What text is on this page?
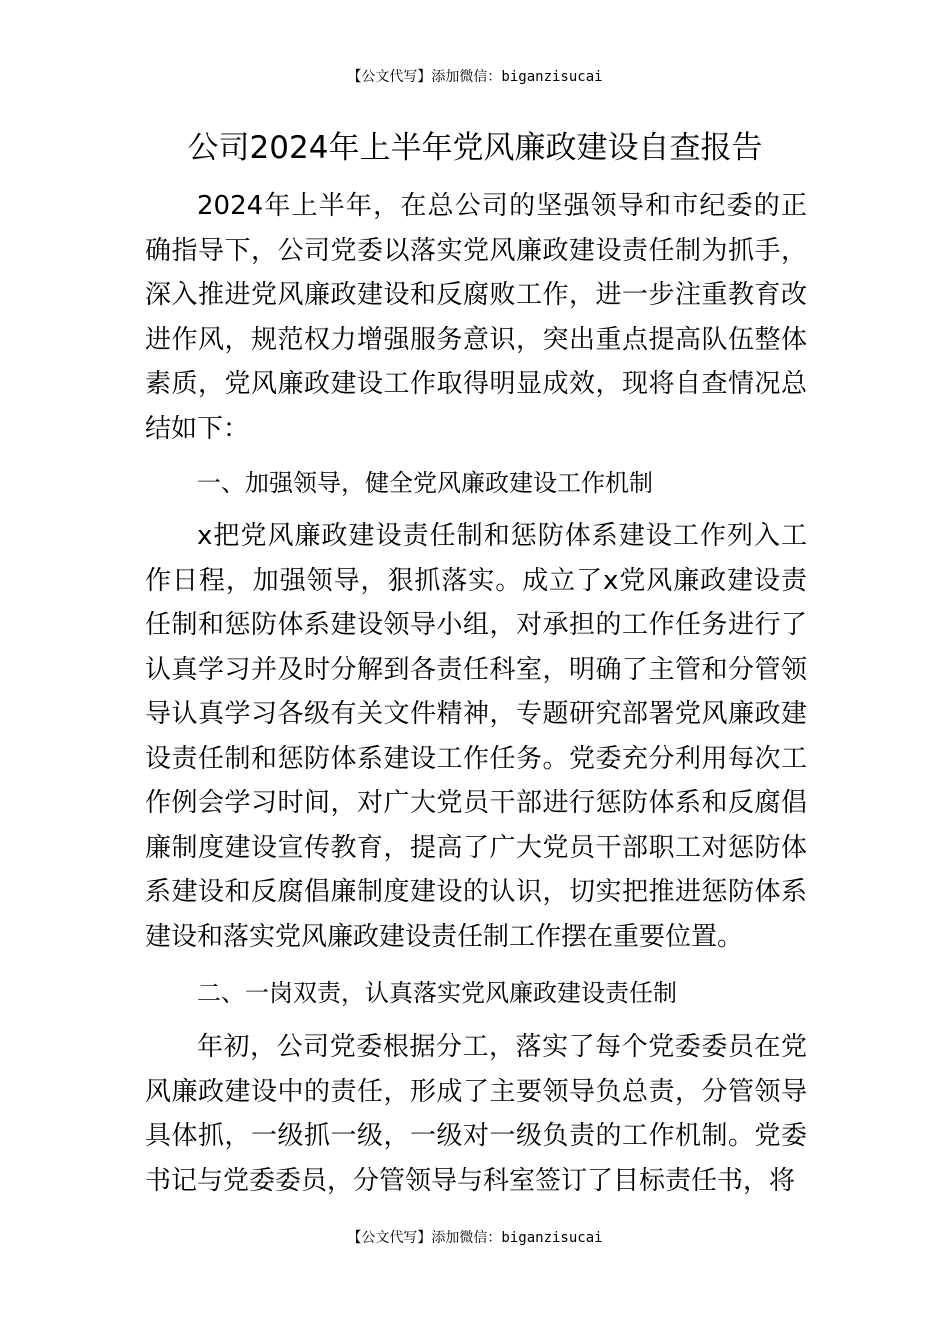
【公文代写】添加微信：biganzisucai
公司2024年上半年党风廉政建设自查报告

2024年上半年，在总公司的坚强领导和市纪委的正确指导下，公司党委以落实党风廉政建设责任制为抓手，深入推进党风廉政建设和反腐败工作，进一步注重教育改进作风，规范权力增强服务意识，突出重点提高队伍整体素质，党风廉政建设工作取得明显成效，现将自查情况总结如下：

一、加强领导，健全党风廉政建设工作机制

x把党风廉政建设责任制和惩防体系建设工作列入工作日程，加强领导，狠抓落实。成立了x党风廉政建设责任制和惩防体系建设领导小组，对承担的工作任务进行了认真学习并及时分解到各责任科室，明确了主管和分管领导认真学习各级有关文件精神，专题研究部署党风廉政建设责任制和惩防体系建设工作任务。党委充分利用每次工作例会学习时间，对广大党员干部进行惩防体系和反腐倡廉制度建设宣传教育，提高了广大党员干部职工对惩防体系建设和反腐倡廉制度建设的认识，切实把推进惩防体系建设和落实党风廉政建设责任制工作摆在重要位置。

二、一岗双责，认真落实党风廉政建设责任制

年初，公司党委根据分工，落实了每个党委委员在党风廉政建设中的责任，形成了主要领导负总责，分管领导具体抓，一级抓一级，一级对一级负责的工作机制。党委书记与党委委员，分管领导与科室签订了目标责任书，将

【公文代写】添加微信：biganzisucai
